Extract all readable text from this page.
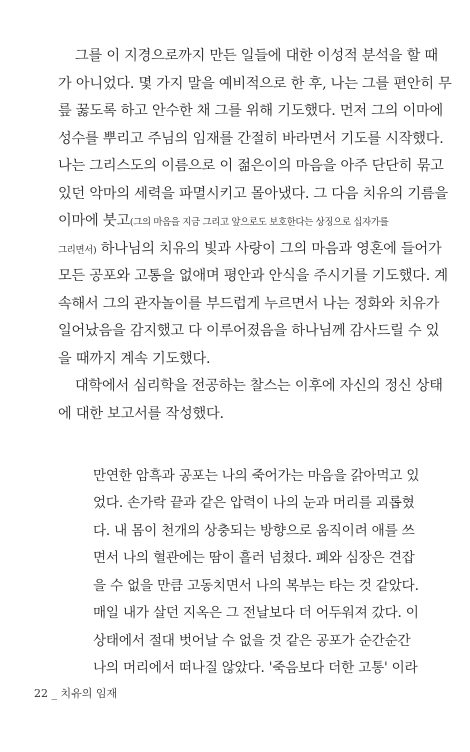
그를 이 지경으로까지 만든 일들에 대한 이성적 분석을 할 때
가 아니었다. 몇 가지 말을 예비적으로 한 후, 나는 그를 편안히 무
릎 꿇도록 하고 안수한 채 그를 위해 기도했다. 먼저 그의 이마에
성수를 뿌리고 주님의 임재를 간절히 바라면서 기도를 시작했다.
나는 그리스도의 이름으로 이 젊은이의 마음을 아주 단단히 묶고
있던 악마의 세력을 파멸시키고 몰아냈다. 그 다음 치유의 기름을
이마에 붓고(그의 마음을 지금 그리고 앞으로도 보호한다는 상징으로 십자가를
그리면서) 하나님의 치유의 빛과 사랑이 그의 마음과 영혼에 들어가
모든 공포와 고통을 없애며 평안과 안식을 주시기를 기도했다. 계
속해서 그의 관자놀이를 부드럽게 누르면서 나는 정화와 치유가
일어났음을 감지했고 다 이루어졌음을 하나님께 감사드릴 수 있
을 때까지 계속 기도했다.
대학에서 심리학을 전공하는 찰스는 이후에 자신의 정신 상태
에 대한 보고서를 작성했다.
만연한 암흑과 공포는 나의 죽어가는 마음을 갉아먹고 있
었다. 손가락 끝과 같은 압력이 나의 눈과 머리를 괴롭혔
다. 내 몸이 천개의 상충되는 방향으로 움직이려 애를 쓰
면서 나의 혈관에는 땀이 흘러 넘쳤다. 폐와 심장은 견잡
을 수 없을 만큼 고동치면서 나의 복부는 타는 것 같았다.
매일 내가 살던 지옥은 그 전날보다 더 어두워져 갔다. 이
상태에서 절대 벗어날 수 없을 것 같은 공포가 순간순간
나의 머리에서 떠나질 않았다. '죽음보다 더한 고통' 이라
22 _ 치유의 임재
